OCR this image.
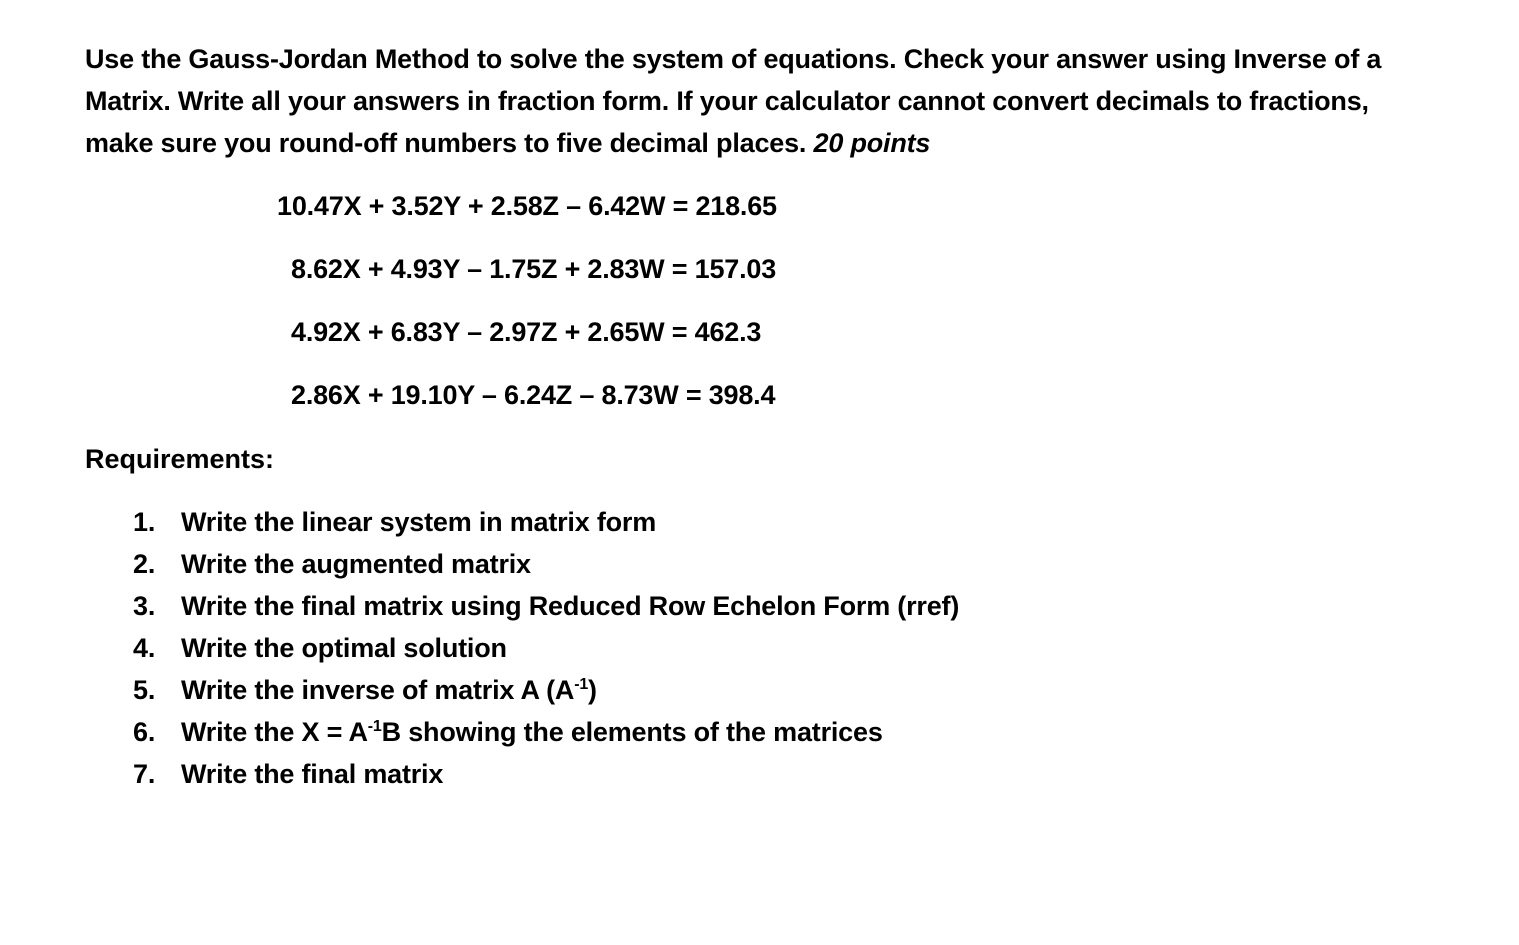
Use the Gauss-Jordan Method to solve the system of equations. Check your answer using Inverse of a Matrix. Write all your answers in fraction form. If your calculator cannot convert decimals to fractions, make sure you round-off numbers to five decimal places. 20 points

10.47X + 3.52Y + 2.58Z – 6.42W = 218.65
8.62X + 4.93Y – 1.75Z + 2.83W = 157.03
4.92X + 6.83Y – 2.97Z + 2.65W = 462.3
2.86X + 19.10Y – 6.24Z – 8.73W = 398.4
Requirements:
1. Write the linear system in matrix form
2. Write the augmented matrix
3. Write the final matrix using Reduced Row Echelon Form (rref)
4. Write the optimal solution
5. Write the inverse of matrix A $(A^{-1})$
6. Write the $X = A^{-1}B$ showing the elements of the matrices
7. Write the final matrix
